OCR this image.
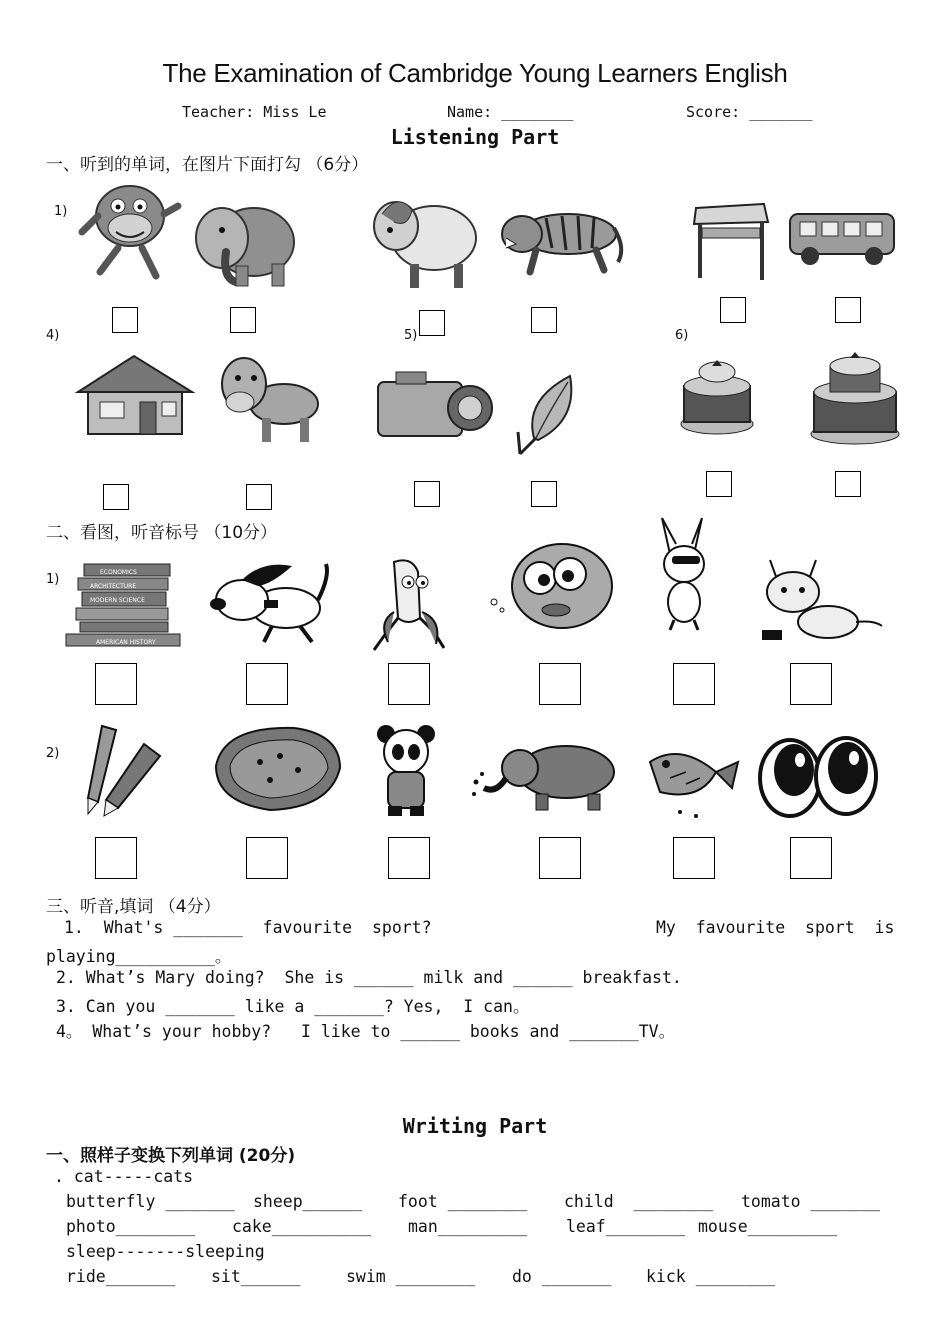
The Examination of Cambridge Young Learners English
Teacher: Miss Le	Name: ________	Score: _______
Listening Part
一、听到的单词，在图片下面打勾 （6分）
1)
4)	5)	6)
二、看图，听音标号 （10分）
1)
2)
ECONOMICS
ARCHITECTURE
MODERN SCIENCE
AMERICAN HISTORY
三、听音,填词 （4分）
1.  What's _______  favourite  sport?	My  favourite  sport  is
playing__________。
2. What’s Mary doing?  She is ______ milk and ______ breakfast.
3. Can you _______ like a _______? Yes,  I can。
4。 What’s your hobby?   I like to ______ books and _______TV。
Writing Part
一、照样子变换下列单词 (20分)
. cat-----cats
butterfly _______ sheep______ foot ________ child  ________ tomato _______
photo________ cake__________ man_________ leaf________ mouse_________
sleep-------sleeping
ride_______ sit______	swim ________ do _______ kick ________
